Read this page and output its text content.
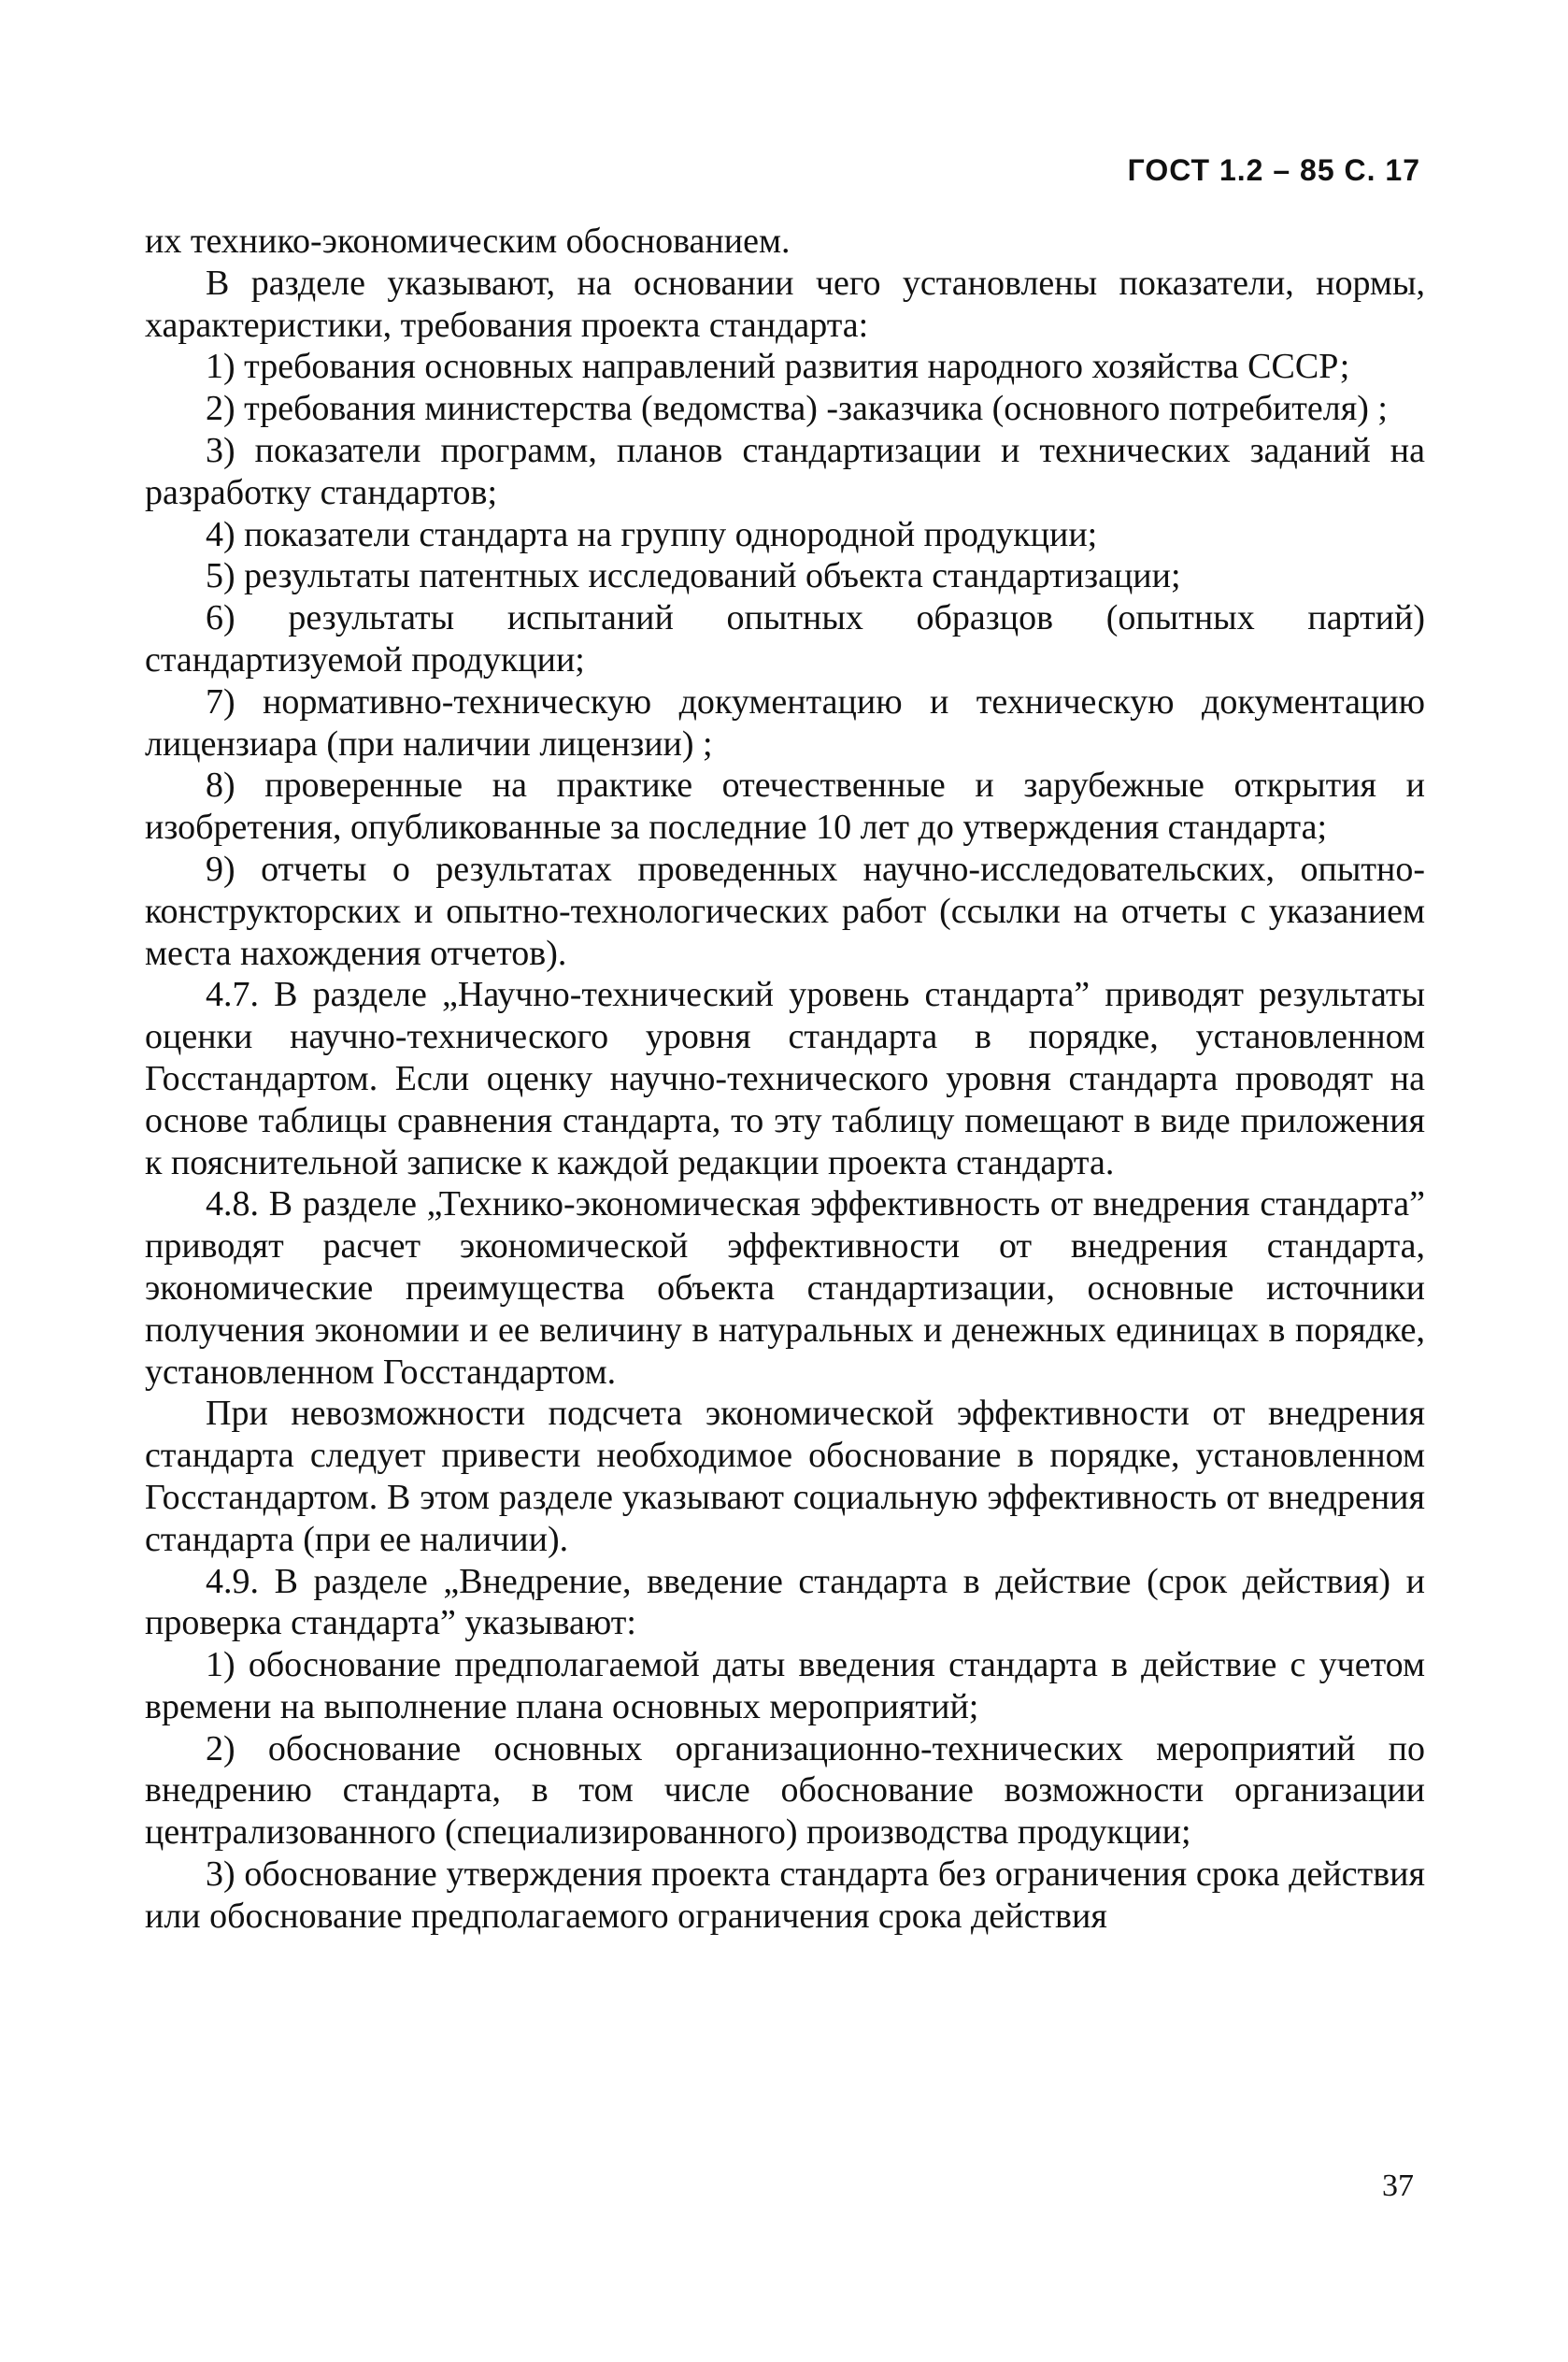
ГОСТ 1.2 – 85 С. 17

их технико-экономическим обоснованием.

В разделе указывают, на основании чего установлены показатели, нормы, характеристики, требования проекта стандарта:

1) требования основных направлений развития народного хозяйства СССР;

2) требования министерства (ведомства) -заказчика (основного потребителя) ;

3) показатели программ, планов стандартизации и технических заданий на разработку стандартов;

4) показатели стандарта на группу однородной продукции;

5) результаты патентных исследований объекта стандартизации;

6) результаты испытаний опытных образцов (опытных партий) стандартизуемой продукции;

7) нормативно-техническую документацию и техническую документацию лицензиара (при наличии лицензии) ;

8) проверенные на практике отечественные и зарубежные открытия и изобретения, опубликованные за последние 10 лет до утверждения стандарта;

9) отчеты о результатах проведенных научно-исследовательских, опытно-конструкторских и опытно-технологических работ (ссылки на отчеты с указанием места нахождения отчетов).

4.7. В разделе „Научно-технический уровень стандарта” приводят результаты оценки научно-технического уровня стандарта в порядке, установленном Госстандартом. Если оценку научно-технического уровня стандарта проводят на основе таблицы сравнения стандарта, то эту таблицу помещают в виде приложения к пояснительной записке к каждой редакции проекта стандарта.

4.8. В разделе „Технико-экономическая эффективность от внедрения стандарта” приводят расчет экономической эффективности от внедрения стандарта, экономические преимущества объекта стандартизации, основные источники получения экономии и ее величину в натуральных и денежных единицах в порядке, установленном Госстандартом.

При невозможности подсчета экономической эффективности от внедрения стандарта следует привести необходимое обоснование в порядке, установленном Госстандартом. В этом разделе указывают социальную эффективность от внедрения стандарта (при ее наличии).

4.9. В разделе „Внедрение, введение стандарта в действие (срок действия) и проверка стандарта” указывают:

1) обоснование предполагаемой даты введения стандарта в действие с учетом времени на выполнение плана основных мероприятий;

2) обоснование основных организационно-технических мероприятий по внедрению стандарта, в том числе обоснование возможности организации централизованного (специализированного) производства продукции;

3) обоснование утверждения проекта стандарта без ограничения срока действия или обоснование предполагаемого ограничения срока действия

37
